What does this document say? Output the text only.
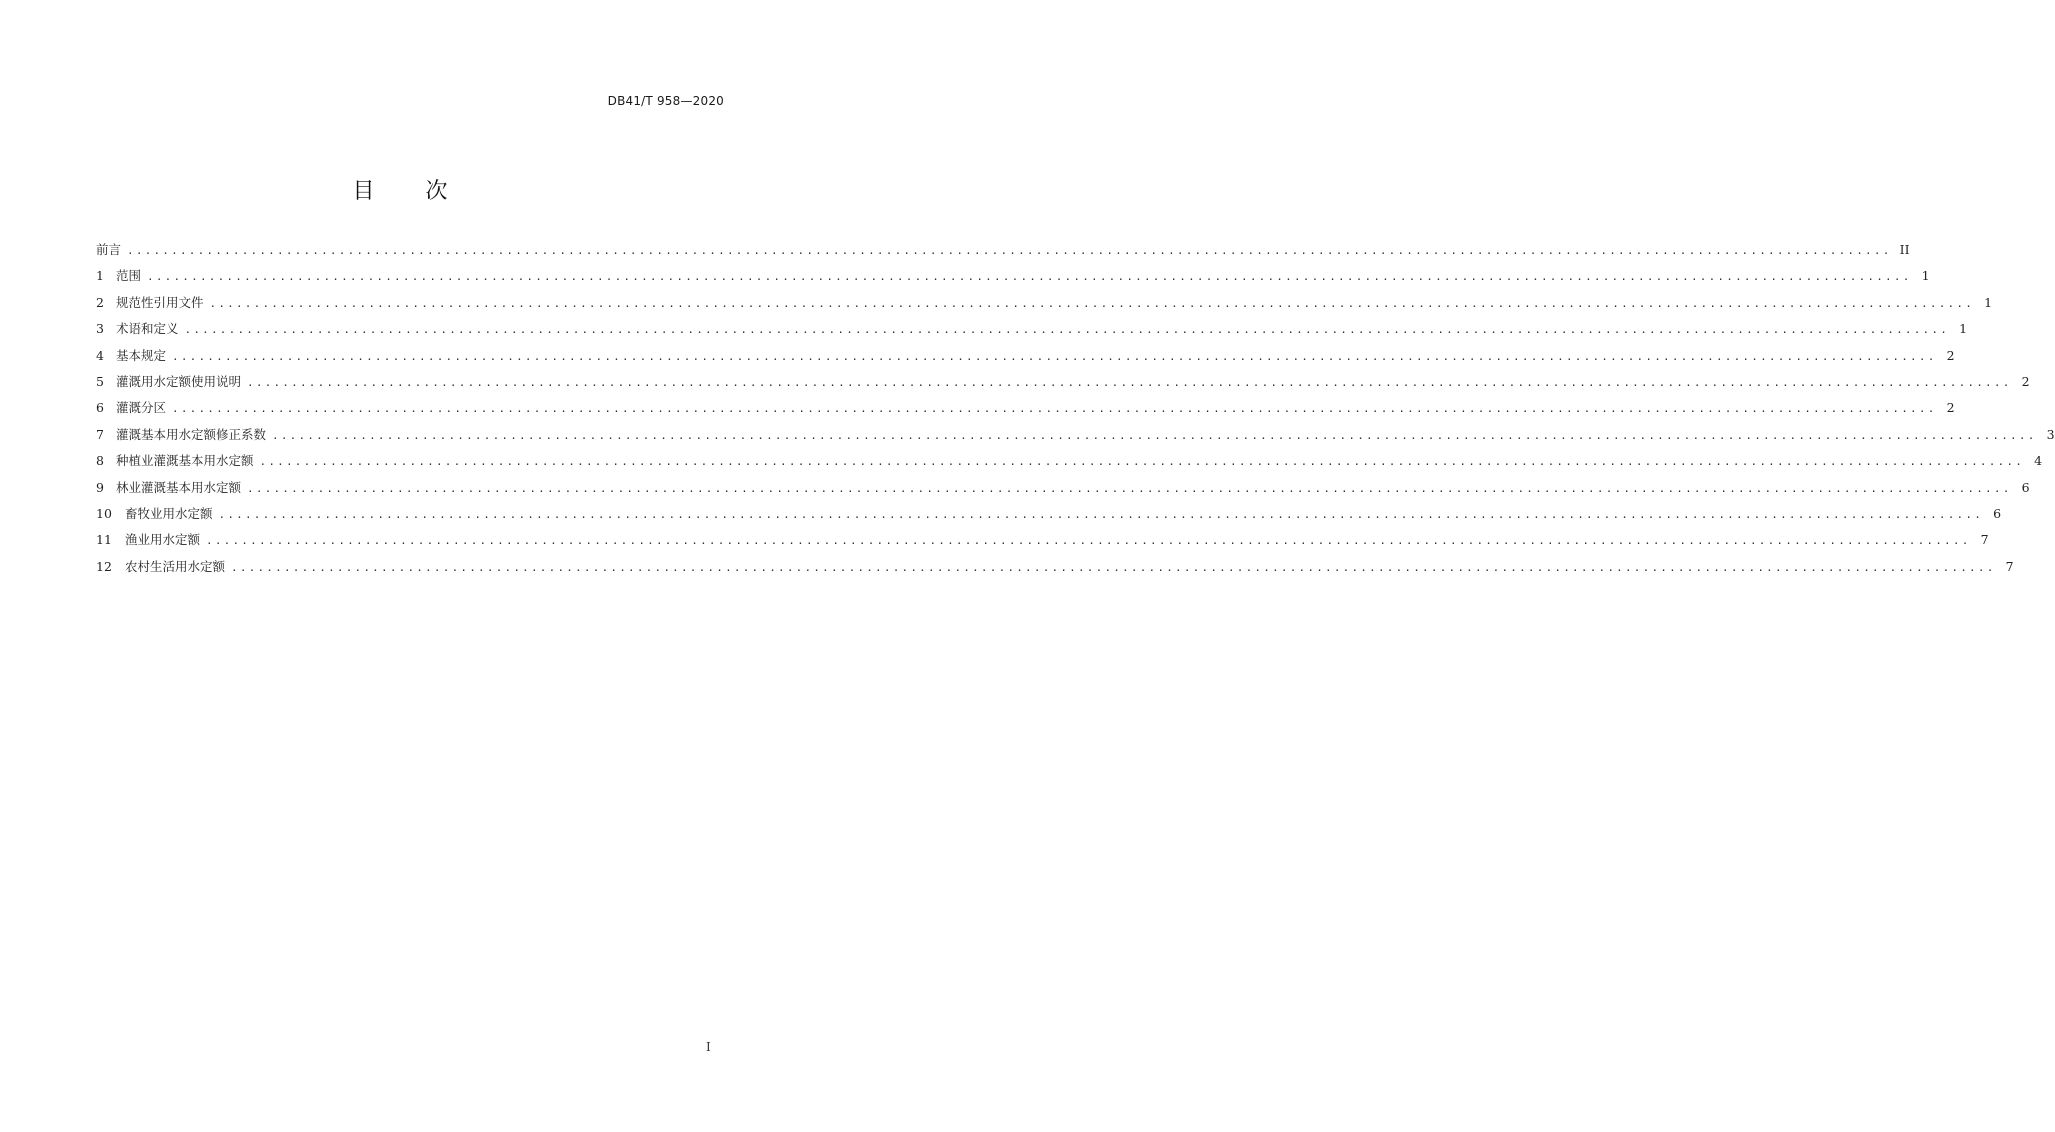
DB41/T 958—2020
目 次
前言 ........................................................................................................................................................................................................ II
1 范围 ........................................................................................................................................................................................................ 1
2 规范性引用文件 ........................................................................................................................................................................................................ 1
3 术语和定义 ........................................................................................................................................................................................................ 1
4 基本规定 ........................................................................................................................................................................................................ 2
5 灌溉用水定额使用说明 ........................................................................................................................................................................................................ 2
6 灌溉分区 ........................................................................................................................................................................................................ 2
7 灌溉基本用水定额修正系数 ........................................................................................................................................................................................................ 3
8 种植业灌溉基本用水定额 ........................................................................................................................................................................................................ 4
9 林业灌溉基本用水定额 ........................................................................................................................................................................................................ 6
10	畜牧业用水定额 ........................................................................................................................................................................................................ 6
11	渔业用水定额 ........................................................................................................................................................................................................ 7
12	农村生活用水定额 ........................................................................................................................................................................................................ 7
I
